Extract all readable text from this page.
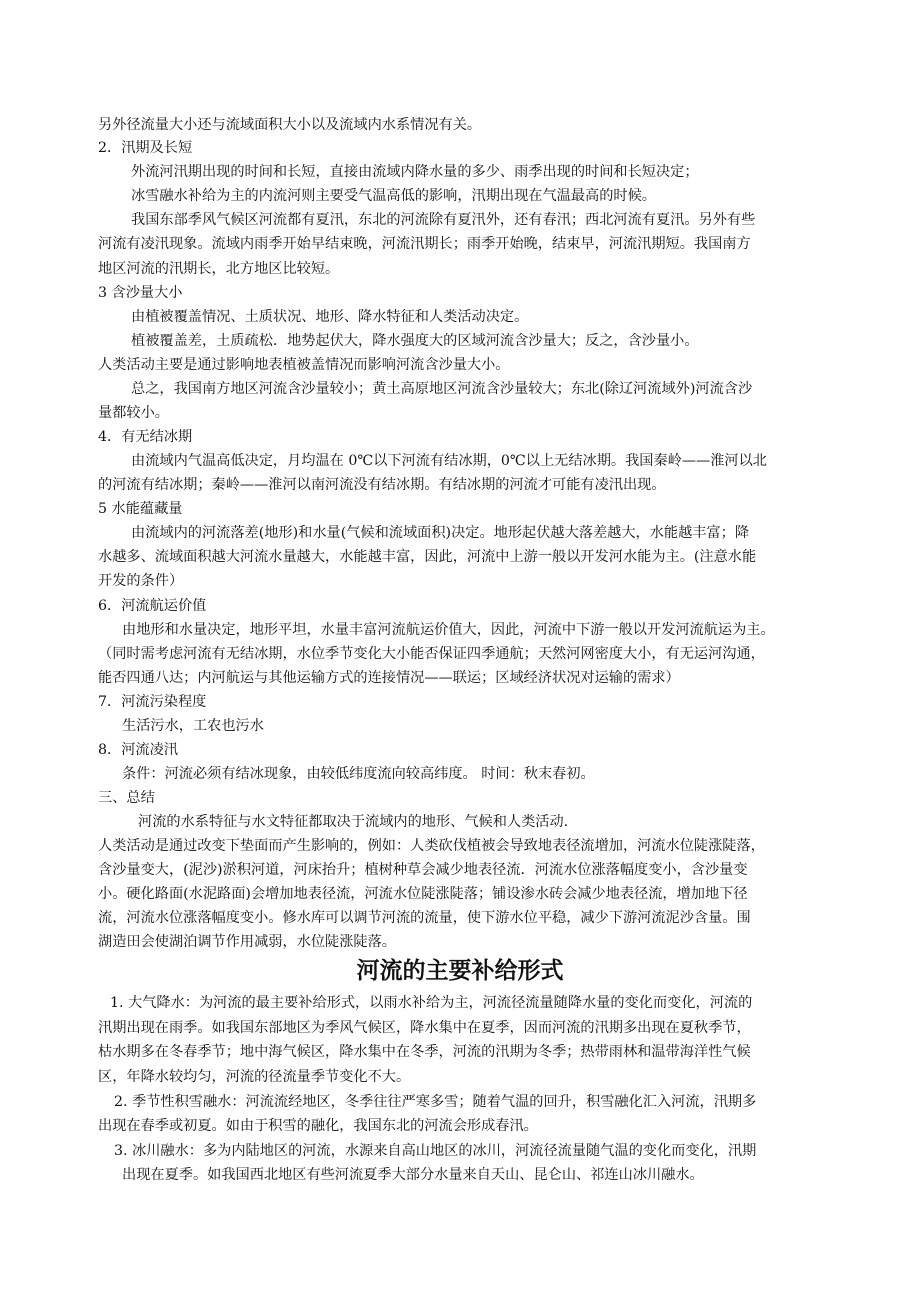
另外径流量大小还与流域面积大小以及流域内水系情况有关。
2．汛期及长短
外流河汛期出现的时间和长短，直接由流域内降水量的多少、雨季出现的时间和长短决定；
冰雪融水补给为主的内流河则主要受气温高低的影响，汛期出现在气温最高的时候。
我国东部季风气候区河流都有夏汛，东北的河流除有夏汛外，还有春汛；西北河流有夏汛。另外有些
河流有凌汛现象。流域内雨季开始早结束晚，河流汛期长；雨季开始晚，结束早，河流汛期短。我国南方
地区河流的汛期长，北方地区比较短。
3 含沙量大小
由植被覆盖情况、土质状况、地形、降水特征和人类活动决定。
植被覆盖差，土质疏松．地势起伏大，降水强度大的区域河流含沙量大；反之，含沙量小。
人类活动主要是通过影响地表植被盖情况而影响河流含沙量大小。
总之，我国南方地区河流含沙量较小；黄土高原地区河流含沙量较大；东北(除辽河流域外)河流含沙
量都较小。
4．有无结冰期
由流域内气温高低决定，月均温在 0℃以下河流有结冰期，0℃以上无结冰期。我国秦岭——淮河以北
的河流有结冰期；秦岭——淮河以南河流没有结冰期。有结冰期的河流才可能有凌汛出现。
5 水能蕴藏量
由流域内的河流落差(地形)和水量(气候和流域面积)决定。地形起伏越大落差越大，水能越丰富；降
水越多、流域面积越大河流水量越大，水能越丰富，因此，河流中上游一般以开发河水能为主。(注意水能
开发的条件）
6．河流航运价值
由地形和水量决定，地形平坦，水量丰富河流航运价值大，因此，河流中下游一般以开发河流航运为主。
（同时需考虑河流有无结冰期，水位季节变化大小能否保证四季通航；天然河网密度大小，有无运河沟通，
能否四通八达；内河航运与其他运输方式的连接情况——联运；区域经济状况对运输的需求）
7．河流污染程度
生活污水，工农也污水
8．河流凌汛
条件：河流必须有结冰现象，由较低纬度流向较高纬度。 时间：秋末春初。
三、总结
河流的水系特征与水文特征都取决于流域内的地形、气候和人类活动.
人类活动是通过改变下垫面而产生影响的，例如：人类砍伐植被会导致地表径流增加，河流水位陡涨陡落，
含沙量变大，(泥沙)淤积河道，河床抬升；植树种草会减少地表径流．河流水位涨落幅度变小，含沙量变
小。硬化路面(水泥路面)会增加地表径流，河流水位陡涨陡落；铺设渗水砖会减少地表径流，增加地下径
流，河流水位涨落幅度变小。修水库可以调节河流的流量，使下游水位平稳，减少下游河流泥沙含量。围
湖造田会使湖泊调节作用减弱，水位陡涨陡落。
河流的主要补给形式
1. 大气降水：为河流的最主要补给形式，以雨水补给为主，河流径流量随降水量的变化而变化，河流的
汛期出现在雨季。如我国东部地区为季风气候区，降水集中在夏季，因而河流的汛期多出现在夏秋季节，
枯水期多在冬春季节；地中海气候区，降水集中在冬季，河流的汛期为冬季；热带雨林和温带海洋性气候
区，年降水较均匀，河流的径流量季节变化不大。
2. 季节性积雪融水：河流流经地区，冬季往往严寒多雪；随着气温的回升，积雪融化汇入河流，汛期多
出现在春季或初夏。如由于积雪的融化，我国东北的河流会形成春汛。
3. 冰川融水：多为内陆地区的河流，水源来自高山地区的冰川，河流径流量随气温的变化而变化，汛期
出现在夏季。如我国西北地区有些河流夏季大部分水量来自天山、昆仑山、祁连山冰川融水。
